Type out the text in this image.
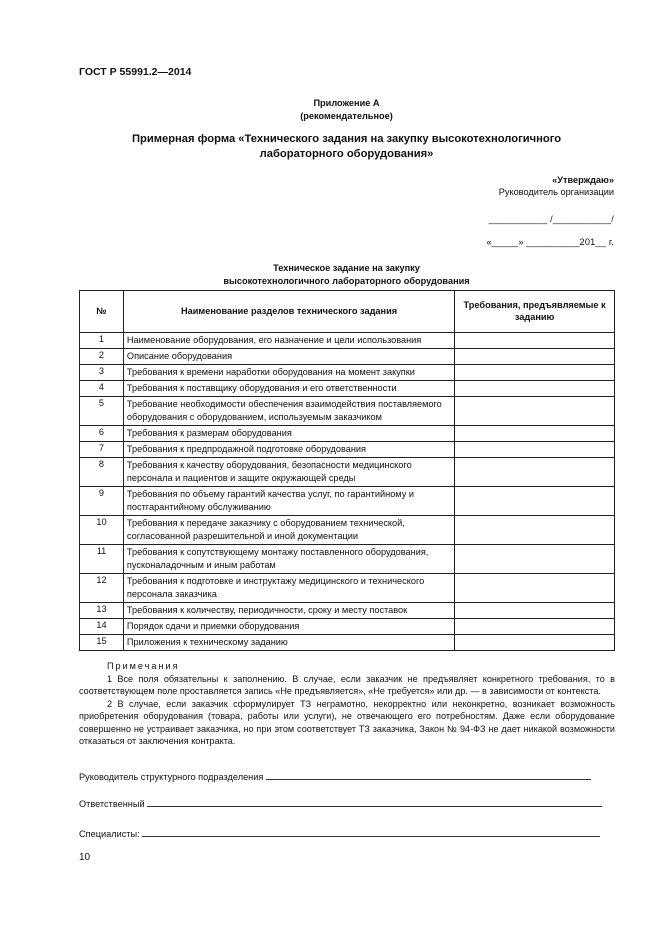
ГОСТ Р 55991.2—2014
Приложение А
(рекомендательное)
Примерная форма «Технического задания на закупку высокотехнологичного
лабораторного оборудования»
«Утверждаю»
Руководитель организации
___________ /___________/
«_____» __________201__ г.
Техническое задание на закупку
высокотехнологичного лабораторного оборудования
№	Наименование разделов технического задания	Требования, предъявляемые к заданию
1	Наименование оборудования, его назначение и цели использования	
2	Описание оборудования	
3	Требования к времени наработки оборудования на момент закупки	
4	Требования к поставщику оборудования и его ответственности	
5	Требование необходимости обеспечения взаимодействия поставляемого оборудования с оборудованием, используемым заказчиком	
6	Требования к размерам оборудования	
7	Требования к предпродажной подготовке оборудования	
8	Требования к качеству оборудования, безопасности медицинского персонала и пациентов и защите окружающей среды	
9	Требования по объему гарантий качества услуг, по гарантийному и постгарантийному обслуживанию	
10	Требования к передаче заказчику с оборудованием технической, согласованной разрешительной и иной документации	
11	Требования к сопутствующему монтажу поставленного оборудования, пусконаладочным и иным работам	
12	Требования к подготовке и инструктажу медицинского и технического персонала заказчика	
13	Требования к количеству, периодичности, сроку и месту поставок	
14	Порядок сдачи и приемки оборудования	
15	Приложения к техническому заданию	
Примечания

1 Все поля обязательны к заполнению. В случае, если заказчик не предъявляет конкретного требования, то в соответствующем поле проставляется запись «Не предъявляется», «Не требуется» или др. — в зависимости от контекста.

2 В случае, если заказчик сформулирует ТЗ неграмотно, некорректно или неконкретно, возникает возможность приобретения оборудования (товара, работы или услуги), не отвечающего его потребностям. Даже если оборудование совершенно не устраивает заказчика, но при этом соответствует ТЗ заказчика, Закон № 94-ФЗ не дает никакой возможности отказаться от заключения контракта.

Руководитель структурного подразделения
Ответственный
Специалисты:
10
